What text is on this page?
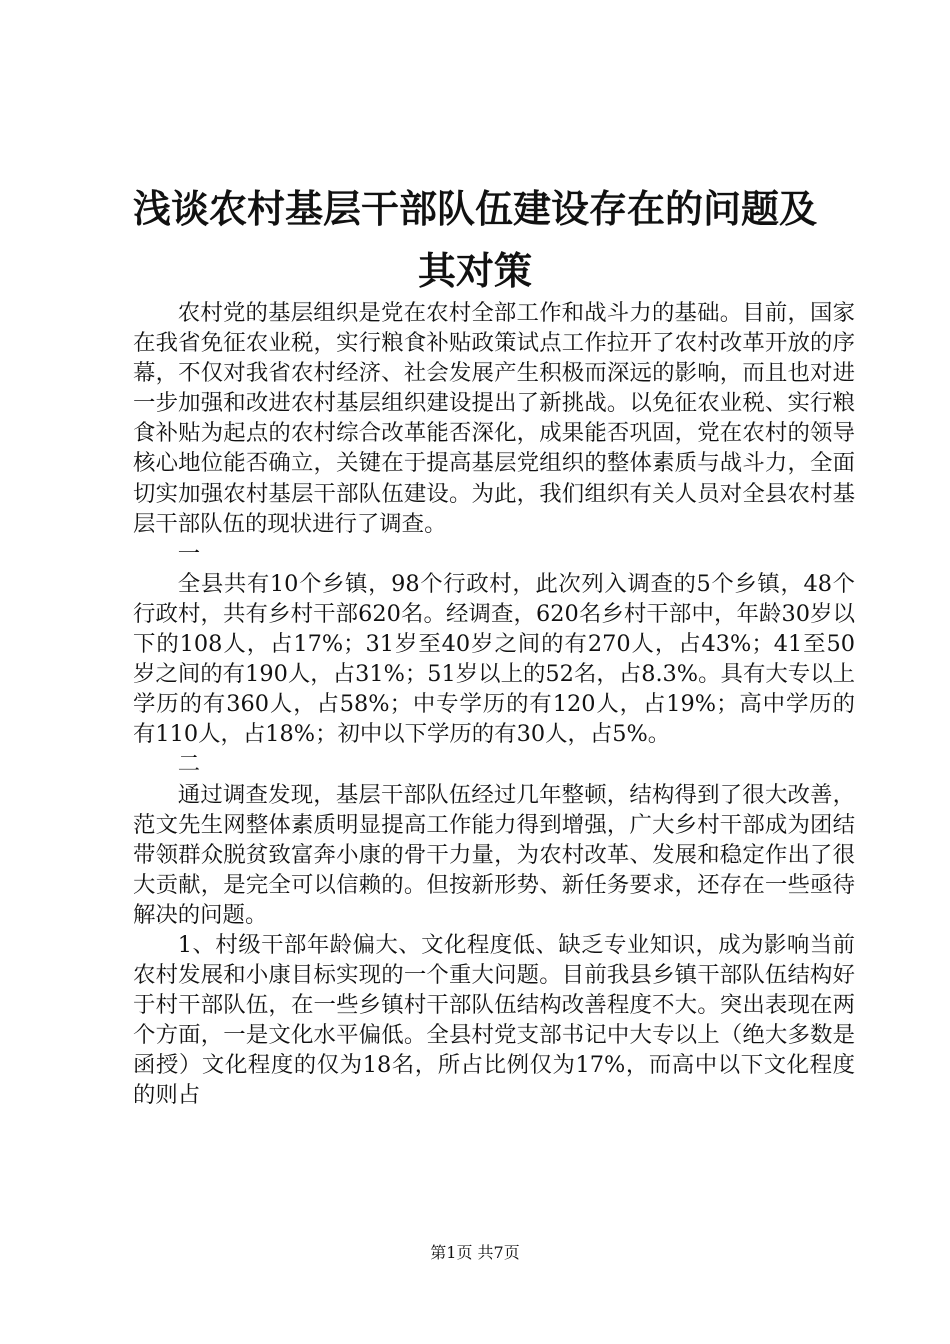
浅谈农村基层干部队伍建设存在的问题及其对策

农村党的基层组织是党在农村全部工作和战斗力的基础。目前，国家在我省免征农业税，实行粮食补贴政策试点工作拉开了农村改革开放的序幕，不仅对我省农村经济、社会发展产生积极而深远的影响，而且也对进一步加强和改进农村基层组织建设提出了新挑战。以免征农业税、实行粮食补贴为起点的农村综合改革能否深化，成果能否巩固，党在农村的领导核心地位能否确立，关键在于提高基层党组织的整体素质与战斗力，全面切实加强农村基层干部队伍建设。为此，我们组织有关人员对全县农村基层干部队伍的现状进行了调查。

一

全县共有10个乡镇，98个行政村，此次列入调查的5个乡镇，48个行政村，共有乡村干部620名。经调查，620名乡村干部中，年龄30岁以下的108人，占17%；31岁至40岁之间的有270人，占43%；41至50岁之间的有190人，占31%；51岁以上的52名，占8.3%。具有大专以上学历的有360人，占58%；中专学历的有120人，占19%；高中学历的有110人，占18%；初中以下学历的有30人，占5%。

二

通过调查发现，基层干部队伍经过几年整顿，结构得到了很大改善，范文先生网整体素质明显提高工作能力得到增强，广大乡村干部成为团结带领群众脱贫致富奔小康的骨干力量，为农村改革、发展和稳定作出了很大贡献，是完全可以信赖的。但按新形势、新任务要求，还存在一些亟待解决的问题。

1、村级干部年龄偏大、文化程度低、缺乏专业知识，成为影响当前农村发展和小康目标实现的一个重大问题。目前我县乡镇干部队伍结构好于村干部队伍，在一些乡镇村干部队伍结构改善程度不大。突出表现在两个方面，一是文化水平偏低。全县村党支部书记中大专以上（绝大多数是函授）文化程度的仅为18名，所占比例仅为17%，而高中以下文化程度的则占

第1页 共7页
